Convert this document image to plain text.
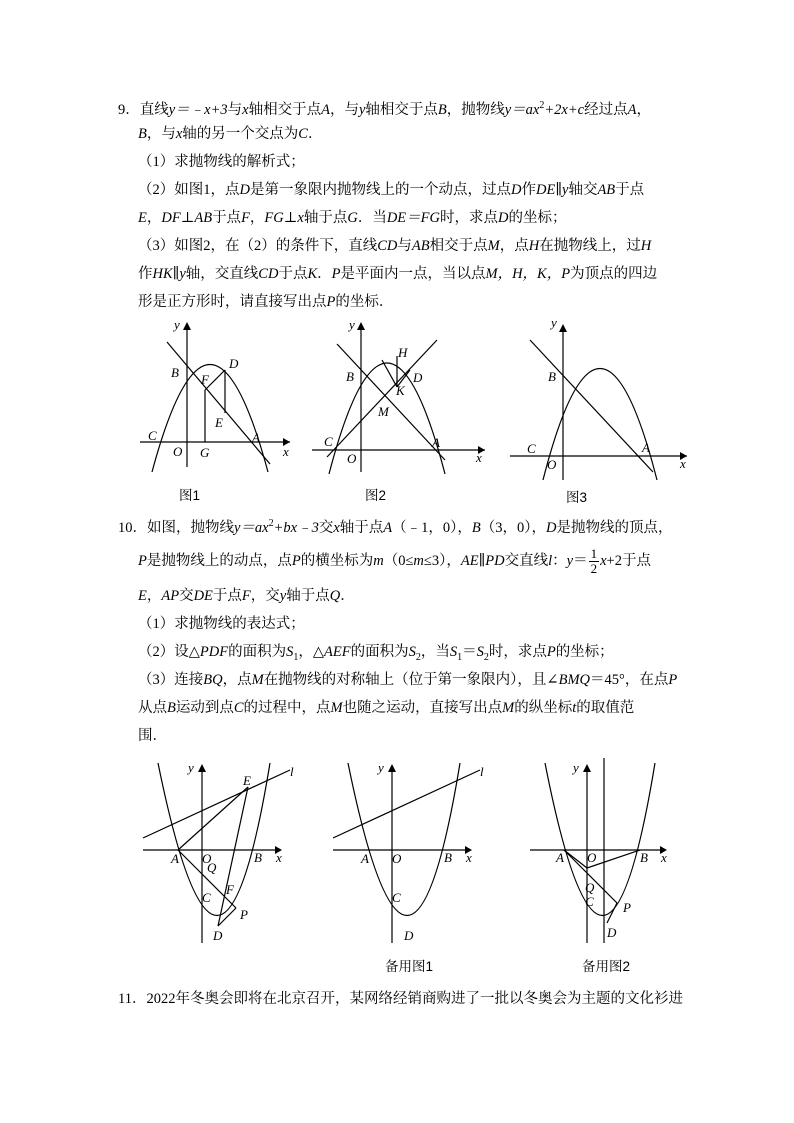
9．直线y＝﹣x+3与x轴相交于点A，与y轴相交于点B，抛物线$y=ax^2+2x+c$经过点A，
B，与x轴的另一个交点为C．
（1）求抛物线的解析式；
（2）如图1，点D是第一象限内抛物线上的一个动点，过点D作DE∥y轴交AB于点
E，DF⊥AB于点F，FG⊥x轴于点G．当DE＝FG时，求点D的坐标；
（3）如图2，在（2）的条件下，直线CD与AB相交于点M，点H在抛物线上，过H
作HK∥y轴，交直线CD于点K．P是平面内一点，当以点M，H，K，P为顶点的四边
形是正方形时，请直接写出点P的坐标．
y
x
B F
D
E
C
O G
A
图1
y
x
H
B
K
D
M
C
O
A
图2
y
x
B
C
O
A
图3
10．如图，抛物线$y=ax^2+bx﹣3$交x轴于点A（﹣1，0），B（3，0），D是抛物线的顶点，
P是抛物线上的动点，点P的横坐标为m（0≤m≤3），AE∥PD交直线l：$y= \frac{1}{2} x+2$于点
E，AP交DE于点F，交y轴于点Q．
（1）求抛物线的表达式；
（2）设△PDF的面积为$S_1$，△AEF的面积为$S_2$，当$S_1=S_2$时，求点P的坐标；
（3）连接BQ，点M在抛物线的对称轴上（位于第一象限内），且∠BMQ＝45°，在点P
从点B运动到点C的过程中，点M也随之运动，直接写出点M的纵坐标t的取值范
围．
y
x
E
l
A O
Q
B
C
F
P
D
y
x
l
A O	B
C
D
备用图1
y
x
A O	B
Q
C P
D
备用图2
11．2022年冬奥会即将在北京召开，某网络经销商购进了一批以冬奥会为主题的文化衫进
